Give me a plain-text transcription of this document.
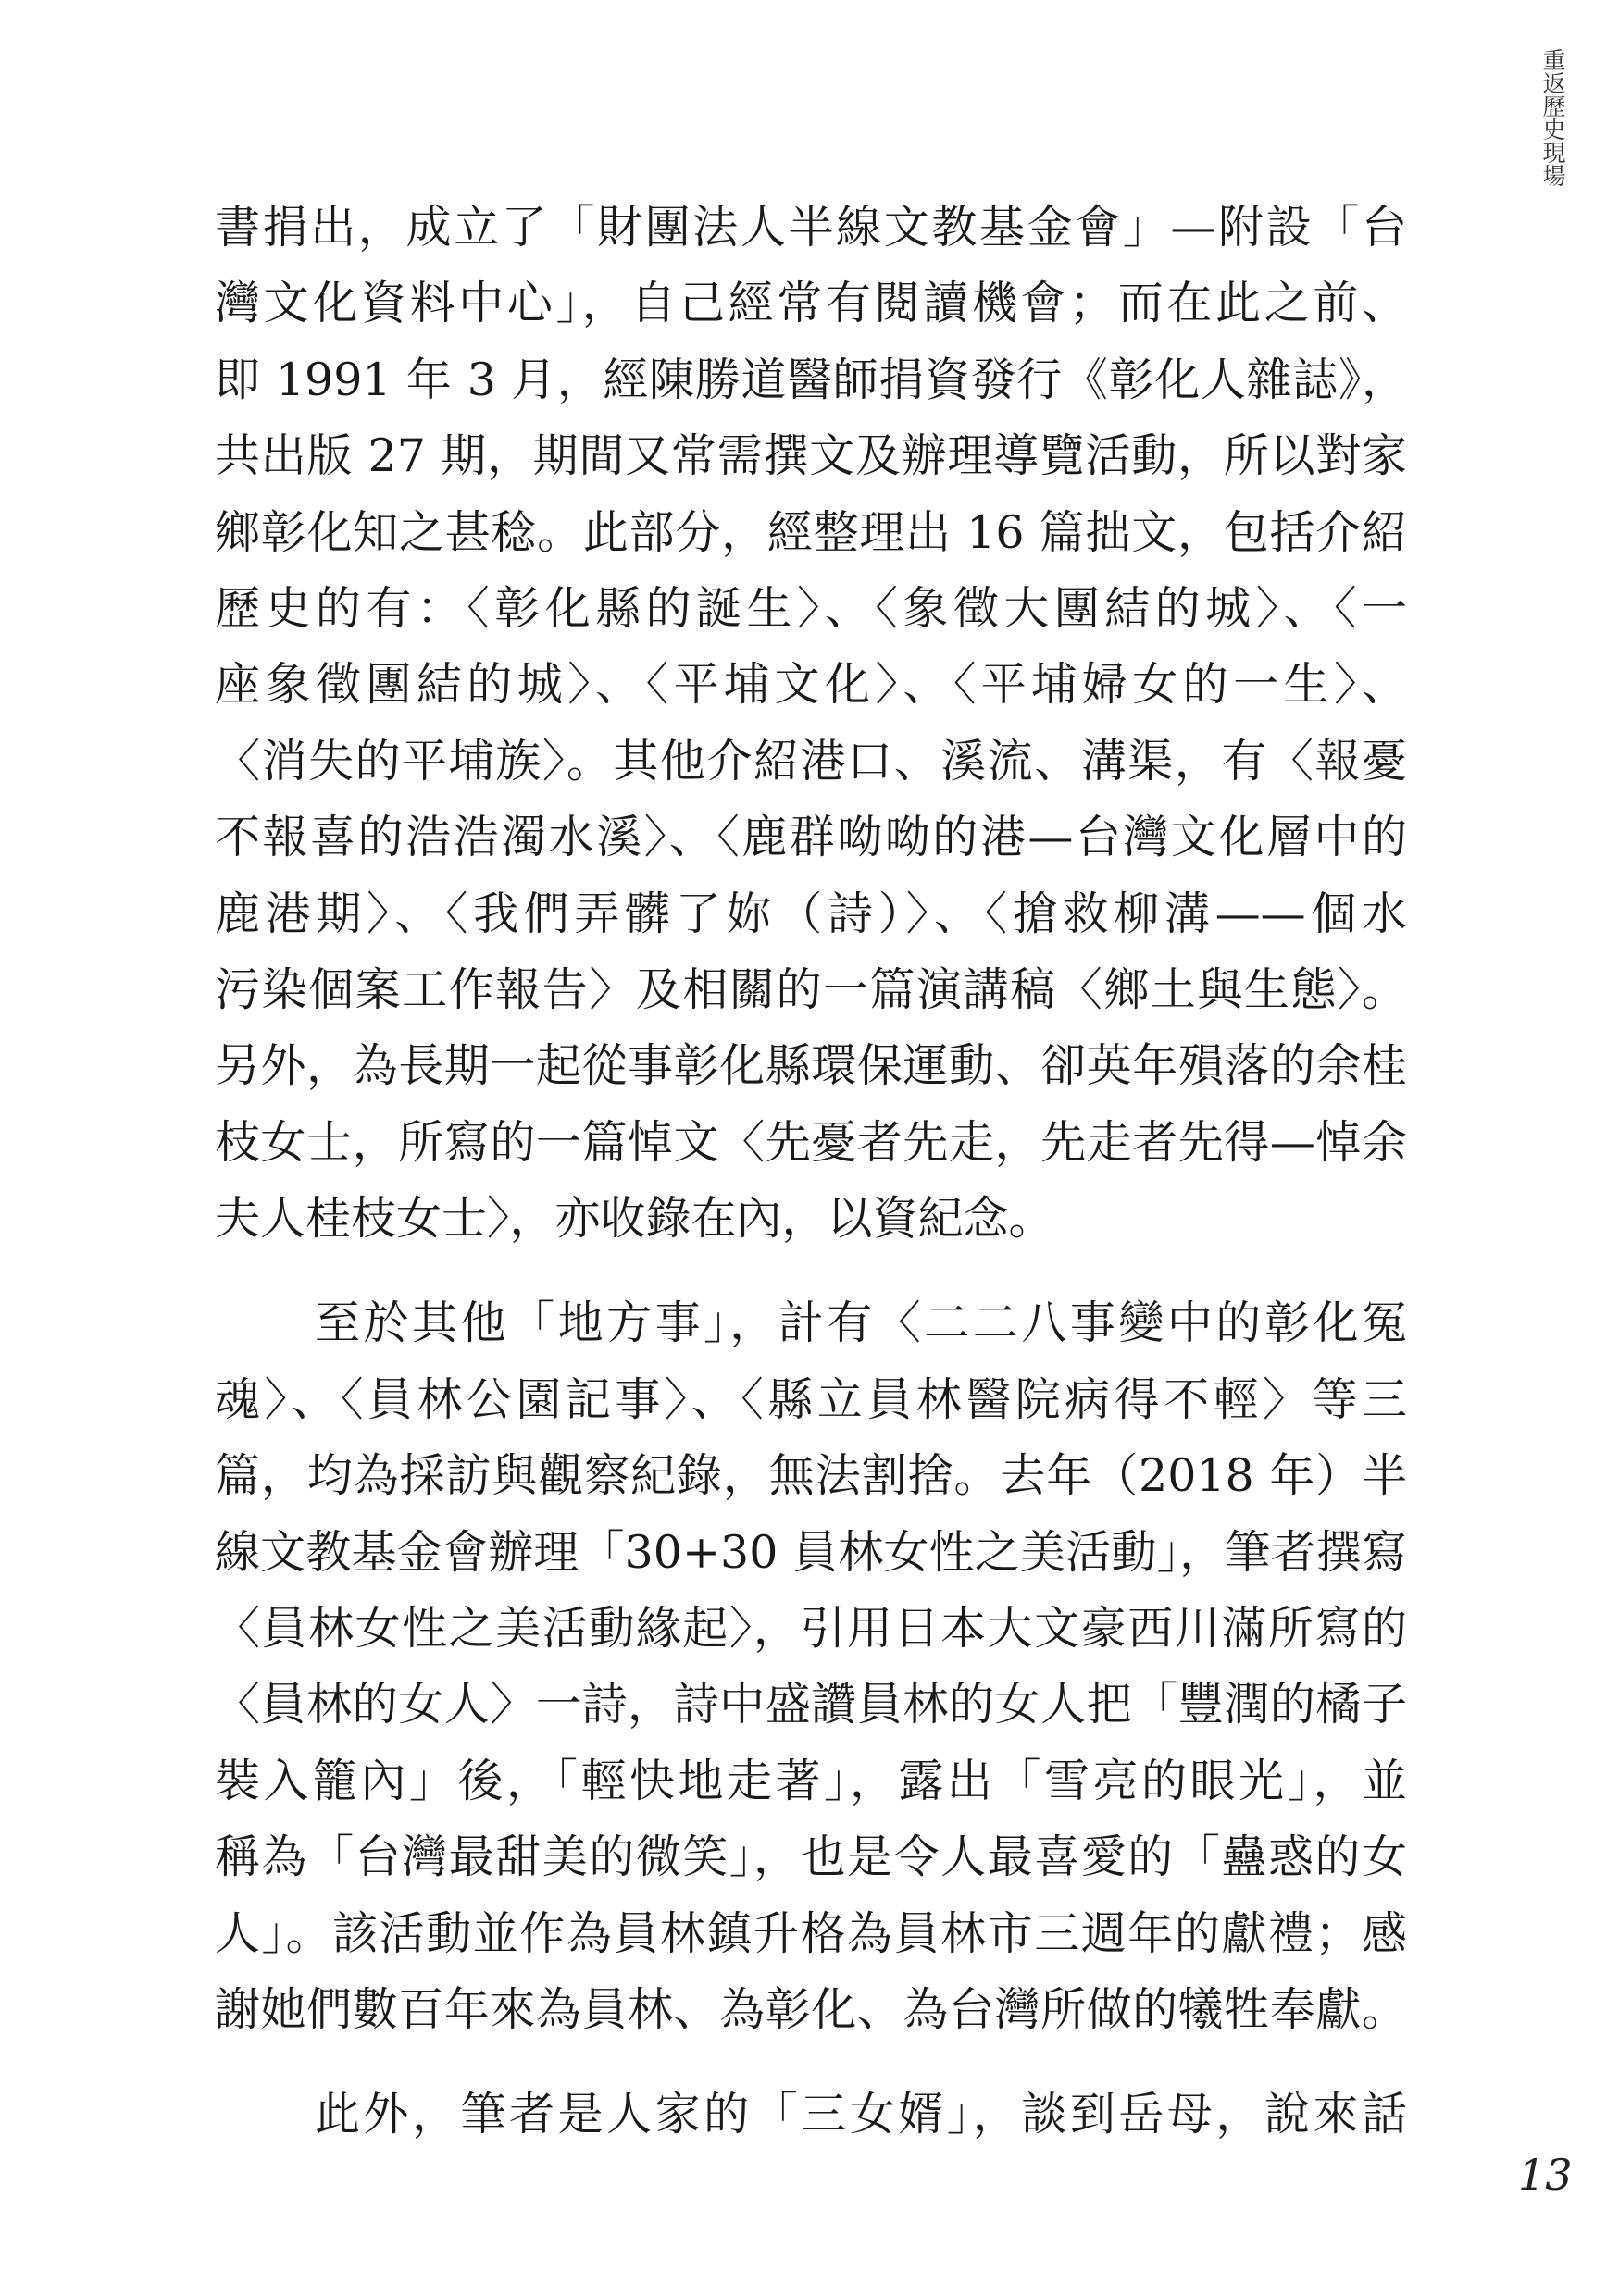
重返歷史現場
書捐出，成立了「財團法人半線文教基金會」—附設「台
灣文化資料中心」，自己經常有閱讀機會；而在此之前、
即 1991 年 3 月，經陳勝道醫師捐資發行《彰化人雜誌》，
共出版 27 期，期間又常需撰文及辦理導覽活動，所以對家
鄉彰化知之甚稔。此部分，經整理出 16 篇拙文，包括介紹
歷史的有：〈彰化縣的誕生〉、〈象徵大團結的城〉、〈一
座象徵團結的城〉、〈平埔文化〉、〈平埔婦女的一生〉、
〈消失的平埔族〉。其他介紹港口、溪流、溝渠，有〈報憂
不報喜的浩浩濁水溪〉、〈鹿群呦呦的港—台灣文化層中的
鹿港期〉、〈我們弄髒了妳（詩）〉、〈搶救柳溝——個水
污染個案工作報告〉及相關的一篇演講稿〈鄉土與生態〉。
另外，為長期一起從事彰化縣環保運動、卻英年殞落的余桂
枝女士，所寫的一篇悼文〈先憂者先走，先走者先得—悼余
夫人桂枝女士〉，亦收錄在內，以資紀念。
至於其他「地方事」，計有〈二二八事變中的彰化冤
魂〉、〈員林公園記事〉、〈縣立員林醫院病得不輕〉等三
篇，均為採訪與觀察紀錄，無法割捨。去年（2018 年）半
線文教基金會辦理「30+30 員林女性之美活動」，筆者撰寫
〈員林女性之美活動緣起〉，引用日本大文豪西川滿所寫的
〈員林的女人〉一詩，詩中盛讚員林的女人把「豐潤的橘子
裝入籠內」後，「輕快地走著」，露出「雪亮的眼光」，並
稱為「台灣最甜美的微笑」，也是令人最喜愛的「蠱惑的女
人」。該活動並作為員林鎮升格為員林市三週年的獻禮；感
謝她們數百年來為員林、為彰化、為台灣所做的犧牲奉獻。
此外，筆者是人家的「三女婿」，談到岳母，說來話
13
